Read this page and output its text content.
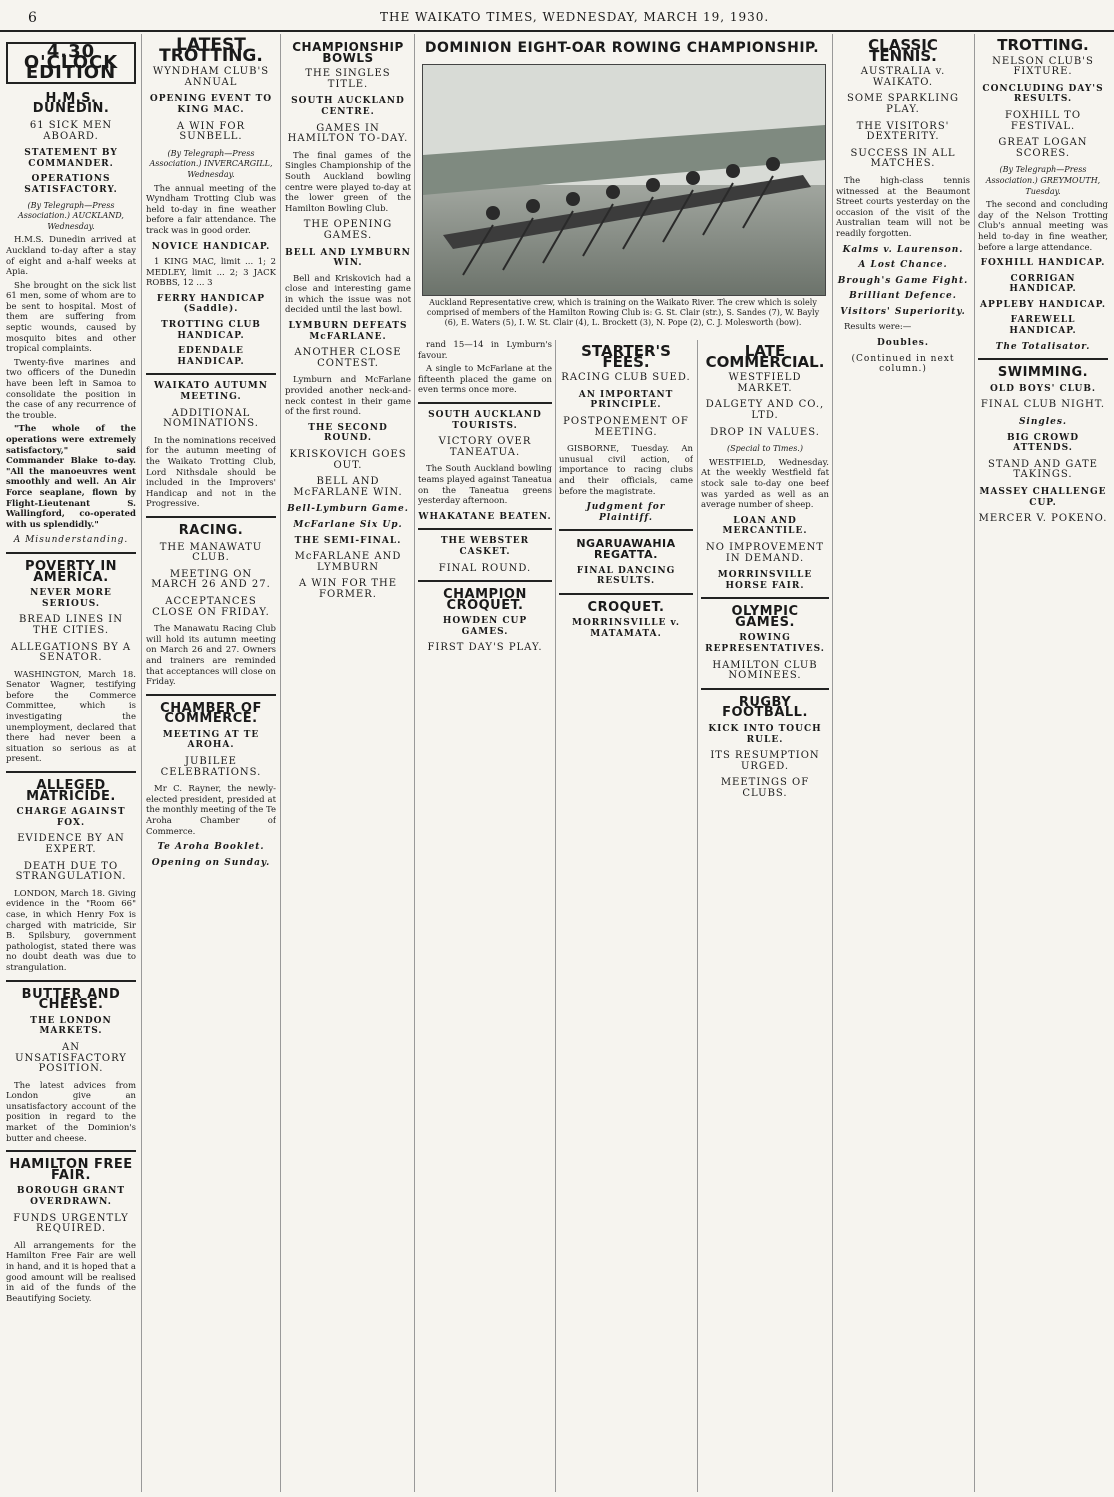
6	THE WAIKATO TIMES, WEDNESDAY, MARCH 19, 1930.
4.30 O'CLOCK EDITION
H.M.S. DUNEDIN.
61 SICK MEN ABOARD.
STATEMENT BY COMMANDER.
OPERATIONS SATISFACTORY.
(By Telegraph—Press Association.) AUCKLAND, Wednesday.

H.M.S. Dunedin arrived at Auckland to-day after a stay of eight and a-half weeks at Apia.

She brought on the sick list 61 men, some of whom are to be sent to hospital. Most of them are suffering from septic wounds, caused by mosquito bites and other tropical complaints.

Twenty-five marines and two officers of the Dunedin have been left in Samoa to consolidate the position in the case of any recurrence of the trouble.

"The whole of the operations were extremely satisfactory," said Commander Blake to-day. "All the manoeuvres went smoothly and well. An Air Force seaplane, flown by Flight-Lieutenant S. Wallingford, co-operated with us splendidly."

A Misunderstanding.
POVERTY IN AMERICA.
NEVER MORE SERIOUS.
BREAD LINES IN THE CITIES.
ALLEGATIONS BY A SENATOR.

WASHINGTON, March 18. Senator Wagner, testifying before the Commerce Committee, which is investigating the unemployment, declared that there had never been a situation so serious as at present.

ALLEGED MATRICIDE.
CHARGE AGAINST FOX.
EVIDENCE BY AN EXPERT.
DEATH DUE TO STRANGULATION.

LONDON, March 18. Giving evidence in the "Room 66" case, in which Henry Fox is charged with matricide, Sir B. Spilsbury, government pathologist, stated there was no doubt death was due to strangulation.

BUTTER AND CHEESE.
THE LONDON MARKETS.
AN UNSATISFACTORY POSITION.

The latest advices from London give an unsatisfactory account of the position in regard to the market of the Dominion's butter and cheese.

HAMILTON FREE FAIR.
BOROUGH GRANT OVERDRAWN.
FUNDS URGENTLY REQUIRED.

All arrangements for the Hamilton Free Fair are well in hand, and it is hoped that a good amount will be realised in aid of the funds of the Beautifying Society.

LATEST TROTTING.
WYNDHAM CLUB'S ANNUAL
OPENING EVENT TO KING MAC.
A WIN FOR SUNBELL.
(By Telegraph—Press Association.) INVERCARGILL, Wednesday.

The annual meeting of the Wyndham Trotting Club was held to-day in fine weather before a fair attendance. The track was in good order.

NOVICE HANDICAP.

1 KING MAC, limit ... 1; 2 MEDLEY, limit ... 2; 3 JACK ROBBS, 12 ... 3

FERRY HANDICAP (Saddle).
TROTTING CLUB HANDICAP.
EDENDALE HANDICAP.
WAIKATO AUTUMN MEETING.
ADDITIONAL NOMINATIONS.

In the nominations received for the autumn meeting of the Waikato Trotting Club, Lord Nithsdale should be included in the Improvers' Handicap and not in the Progressive.

RACING.
THE MANAWATU CLUB.
MEETING ON MARCH 26 AND 27.
ACCEPTANCES CLOSE ON FRIDAY.

The Manawatu Racing Club will hold its autumn meeting on March 26 and 27. Owners and trainers are reminded that acceptances will close on Friday.

CHAMBER OF COMMERCE.
MEETING AT TE AROHA.
JUBILEE CELEBRATIONS.

Mr C. Rayner, the newly-elected president, presided at the monthly meeting of the Te Aroha Chamber of Commerce.

Te Aroha Booklet.
Opening on Sunday.
CHAMPIONSHIP BOWLS
THE SINGLES TITLE.
SOUTH AUCKLAND CENTRE.
GAMES IN HAMILTON TO-DAY.

The final games of the Singles Championship of the South Auckland bowling centre were played to-day at the lower green of the Hamilton Bowling Club.

THE OPENING GAMES.
BELL AND LYMBURN WIN.

Bell and Kriskovich had a close and interesting game in which the issue was not decided until the last bowl.

LYMBURN DEFEATS McFARLANE.
ANOTHER CLOSE CONTEST.

Lymburn and McFarlane provided another neck-and-neck contest in their game of the first round.

THE SECOND ROUND.
KRISKOVICH GOES OUT.
BELL AND McFARLANE WIN.
Bell-Lymburn Game.
McFarlane Six Up.
THE SEMI-FINAL.
McFARLANE AND LYMBURN
A WIN FOR THE FORMER.
DOMINION EIGHT-OAR ROWING CHAMPIONSHIP.
Auckland Representative crew, which is training on the Waikato River. The crew which is solely comprised of members of the Hamilton Rowing Club is: G. St. Clair (str.), S. Sandes (7), W. Bayly (6), E. Waters (5), I. W. St. Clair (4), L. Brockett (3), N. Pope (2), C. J. Molesworth (bow).

rand 15—14 in Lymburn's favour.

A single to McFarlane at the fifteenth placed the game on even terms once more.

SOUTH AUCKLAND TOURISTS.
VICTORY OVER TANEATUA.

The South Auckland bowling teams played against Taneatua on the Taneatua greens yesterday afternoon.

WHAKATANE BEATEN.
THE WEBSTER CASKET.
FINAL ROUND.
CHAMPION CROQUET.
HOWDEN CUP GAMES.
FIRST DAY'S PLAY.
STARTER'S FEES.
RACING CLUB SUED.
AN IMPORTANT PRINCIPLE.
POSTPONEMENT OF MEETING.

GISBORNE, Tuesday. An unusual civil action, of importance to racing clubs and their officials, came before the magistrate.

Judgment for Plaintiff.
NGARUAWAHIA REGATTA.
FINAL DANCING RESULTS.
CROQUET.
MORRINSVILLE v. MATAMATA.
LATE COMMERCIAL.
WESTFIELD MARKET.
DALGETY AND CO., LTD.
DROP IN VALUES.
(Special to Times.)

WESTFIELD, Wednesday. At the weekly Westfield fat stock sale to-day one beef was yarded as well as an average number of sheep.

LOAN AND MERCANTILE.
NO IMPROVEMENT IN DEMAND.
MORRINSVILLE HORSE FAIR.
OLYMPIC GAMES.
ROWING REPRESENTATIVES.
HAMILTON CLUB NOMINEES.
RUGBY FOOTBALL.
KICK INTO TOUCH RULE.
ITS RESUMPTION URGED.
MEETINGS OF CLUBS.
CLASSIC TENNIS.
AUSTRALIA v. WAIKATO.
SOME SPARKLING PLAY.
THE VISITORS' DEXTERITY.
SUCCESS IN ALL MATCHES.

The high-class tennis witnessed at the Beaumont Street courts yesterday on the occasion of the visit of the Australian team will not be readily forgotten.

Kalms v. Laurenson.
A Lost Chance.
Brough's Game Fight.
Brilliant Defence.
Visitors' Superiority.

Results were:—

Doubles.
(Continued in next column.)
TROTTING.
NELSON CLUB'S FIXTURE.
CONCLUDING DAY'S RESULTS.
FOXHILL TO FESTIVAL.
GREAT LOGAN SCORES.
(By Telegraph—Press Association.) GREYMOUTH, Tuesday.

The second and concluding day of the Nelson Trotting Club's annual meeting was held to-day in fine weather, before a large attendance.

FOXHILL HANDICAP.
CORRIGAN HANDICAP.
APPLEBY HANDICAP.
FAREWELL HANDICAP.
The Totalisator.
SWIMMING.
OLD BOYS' CLUB.
FINAL CLUB NIGHT.
Singles.
BIG CROWD ATTENDS.
STAND AND GATE TAKINGS.
MASSEY CHALLENGE CUP.
MERCER V. POKENO.
